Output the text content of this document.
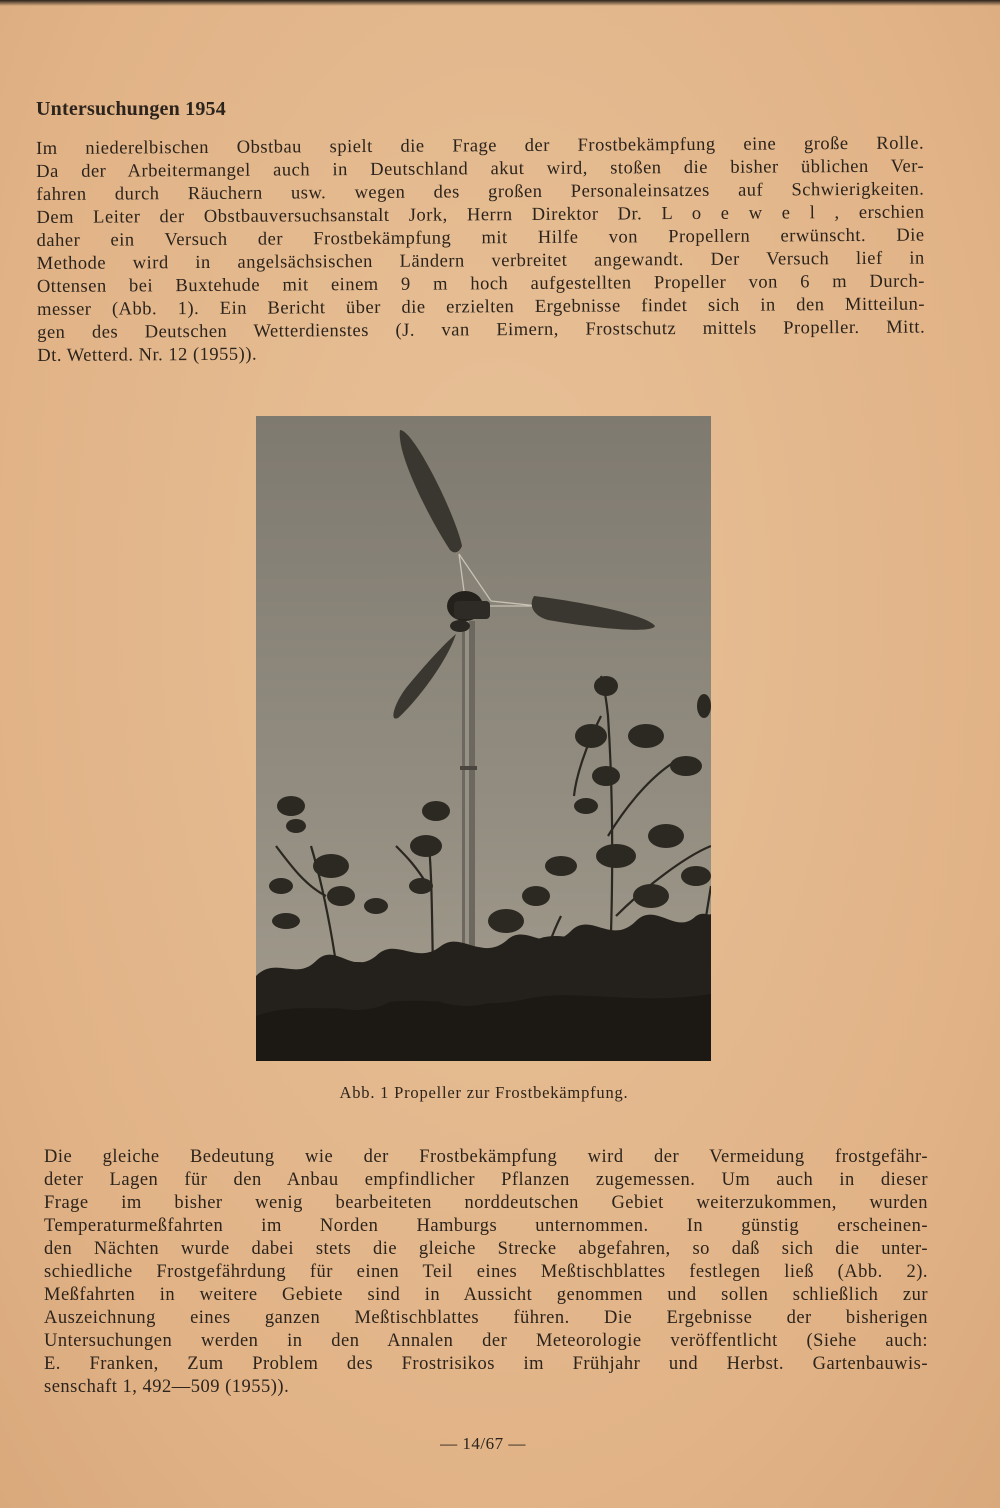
Untersuchungen 1954
Im niederelbischen Obstbau spielt die Frage der Frostbekämpfung eine große Rolle.
Da der Arbeitermangel auch in Deutschland akut wird, stoßen die bisher üblichen Ver-
fahren durch Räuchern usw. wegen des großen Personaleinsatzes auf Schwierigkeiten.
Dem Leiter der Obstbauversuchsanstalt Jork, Herrn Direktor Dr. L o e w e l , erschien
daher ein Versuch der Frostbekämpfung mit Hilfe von Propellern erwünscht. Die
Methode wird in angelsächsischen Ländern verbreitet angewandt. Der Versuch lief in
Ottensen bei Buxtehude mit einem 9 m hoch aufgestellten Propeller von 6 m Durch-
messer (Abb. 1). Ein Bericht über die erzielten Ergebnisse findet sich in den Mitteilun-
gen des Deutschen Wetterdienstes (J. van Eimern, Frostschutz mittels Propeller. Mitt.
Dt. Wetterd. Nr. 12 (1955)).
Abb. 1 Propeller zur Frostbekämpfung.
Die gleiche Bedeutung wie der Frostbekämpfung wird der Vermeidung frostgefähr-
deter Lagen für den Anbau empfindlicher Pflanzen zugemessen. Um auch in dieser
Frage im bisher wenig bearbeiteten norddeutschen Gebiet weiterzukommen, wurden
Temperaturmeßfahrten im Norden Hamburgs unternommen. In günstig erscheinen-
den Nächten wurde dabei stets die gleiche Strecke abgefahren, so daß sich die unter-
schiedliche Frostgefährdung für einen Teil eines Meßtischblattes festlegen ließ (Abb. 2).
Meßfahrten in weitere Gebiete sind in Aussicht genommen und sollen schließlich zur
Auszeichnung eines ganzen Meßtischblattes führen. Die Ergebnisse der bisherigen
Untersuchungen werden in den Annalen der Meteorologie veröffentlicht (Siehe auch:
E. Franken, Zum Problem des Frostrisikos im Frühjahr und Herbst. Gartenbauwis-
senschaft 1, 492—509 (1955)).
— 14/67 —
